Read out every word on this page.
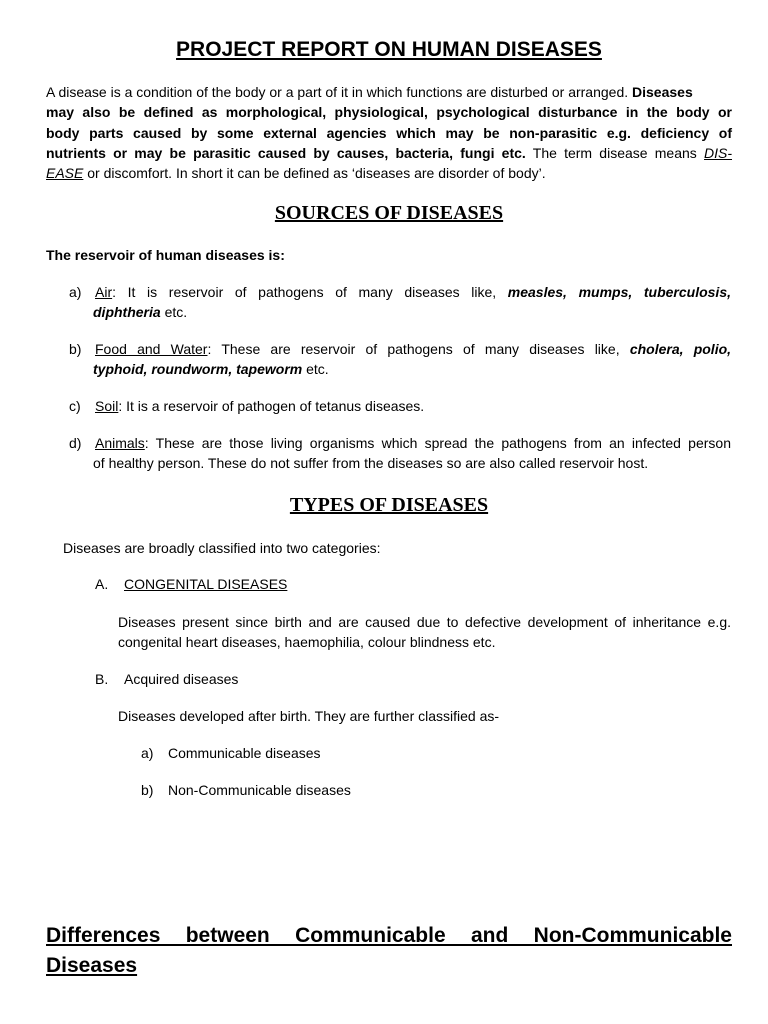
PROJECT REPORT ON HUMAN DISEASES
A disease is a condition of the body or a part of it in which functions are disturbed or arranged. Diseases
may also be defined as morphological, physiological, psychological disturbance in the body or
body parts caused by some external agencies which may be non-parasitic e.g. deficiency of
nutrients or may be parasitic caused by causes, bacteria, fungi etc. The term disease means DIS-
EASE or discomfort. In short it can be defined as ‘diseases are disorder of body’.
SOURCES OF DISEASES
The reservoir of human diseases is:
a) Air: It is reservoir of pathogens of many diseases like, measles, mumps, tuberculosis,
diphtheria etc.
b) Food and Water: These are reservoir of pathogens of many diseases like, cholera, polio,
typhoid, roundworm, tapeworm etc.
c) Soil: It is a reservoir of pathogen of tetanus diseases.
d) Animals: These are those living organisms which spread the pathogens from an infected person
of healthy person. These do not suffer from the diseases so are also called reservoir host.
TYPES OF DISEASES
Diseases are broadly classified into two categories:
A. CONGENITAL DISEASES
Diseases present since birth and are caused due to defective development of inheritance e.g.
congenital heart diseases, haemophilia, colour blindness etc.
B. Acquired diseases
Diseases developed after birth. They are further classified as-
a) Communicable diseases
b) Non-Communicable diseases
Differences between Communicable and Non-Communicable
Diseases
